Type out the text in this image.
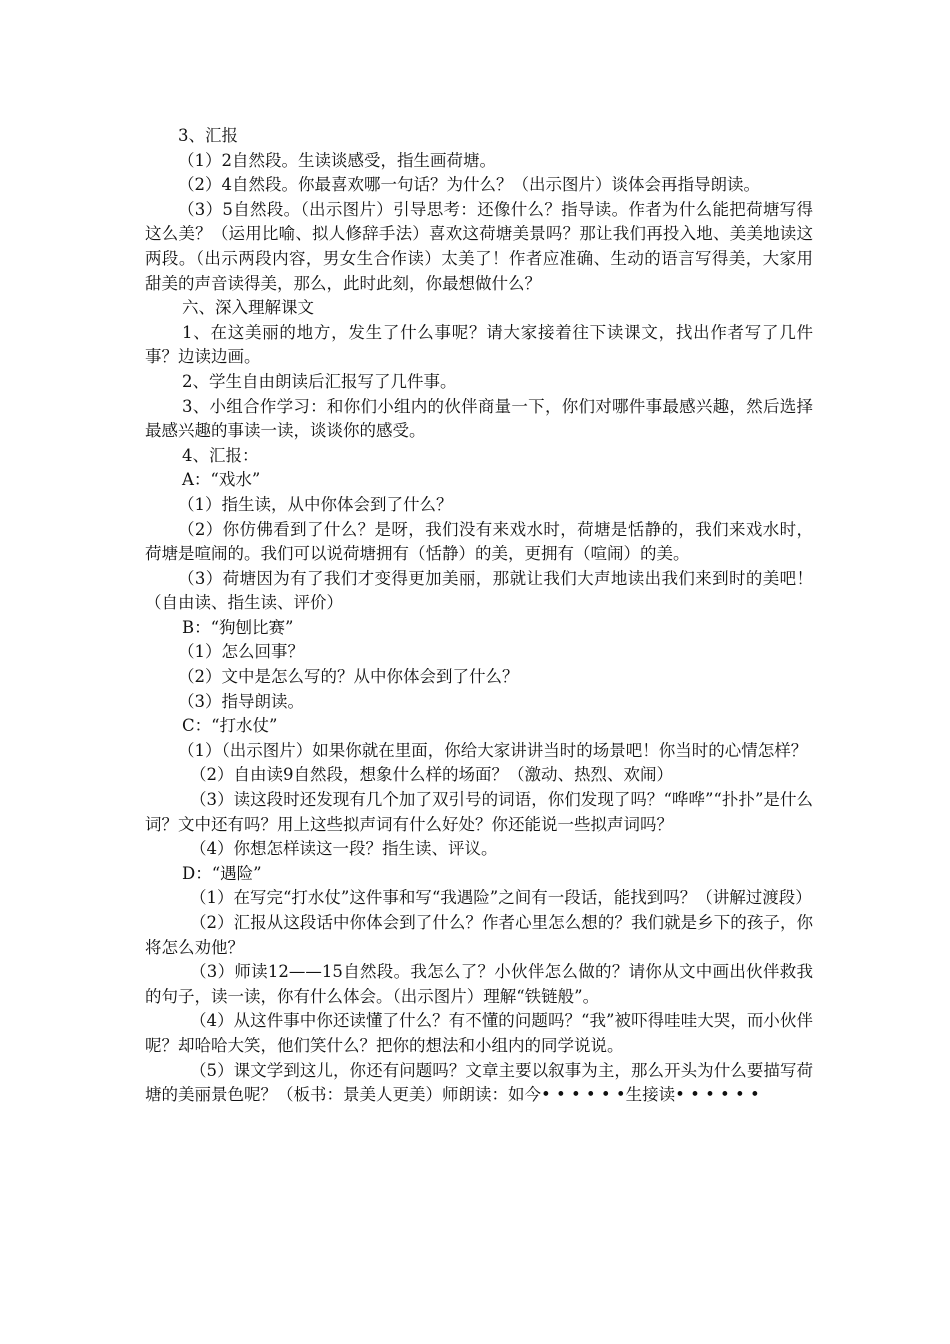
3、汇报

（1）2自然段。生读谈感受，指生画荷塘。

（2）4自然段。你最喜欢哪一句话？为什么？（出示图片）谈体会再指导朗读。

（3）5自然段。（出示图片）引导思考：还像什么？指导读。作者为什么能把荷塘写得这么美？（运用比喻、拟人修辞手法）喜欢这荷塘美景吗？那让我们再投入地、美美地读这两段。（出示两段内容，男女生合作读）太美了！作者应准确、生动的语言写得美，大家用甜美的声音读得美，那么，此时此刻，你最想做什么？

六、深入理解课文

1、在这美丽的地方，发生了什么事呢？请大家接着往下读课文，找出作者写了几件事？边读边画。

2、学生自由朗读后汇报写了几件事。

3、小组合作学习：和你们小组内的伙伴商量一下，你们对哪件事最感兴趣，然后选择最感兴趣的事读一读，谈谈你的感受。

4、汇报：

A：“戏水”

（1）指生读，从中你体会到了什么？

（2）你仿佛看到了什么？是呀，我们没有来戏水时，荷塘是恬静的，我们来戏水时，荷塘是喧闹的。我们可以说荷塘拥有（恬静）的美，更拥有（喧闹）的美。

（3）荷塘因为有了我们才变得更加美丽，那就让我们大声地读出我们来到时的美吧！（自由读、指生读、评价）

B：“狗刨比赛”

（1）怎么回事？

（2）文中是怎么写的？从中你体会到了什么？

（3）指导朗读。

C：“打水仗”

（1）（出示图片）如果你就在里面，你给大家讲讲当时的场景吧！你当时的心情怎样？

（2）自由读9自然段，想象什么样的场面？（激动、热烈、欢闹）

（3）读这段时还发现有几个加了双引号的词语，你们发现了吗？“哗哗”“扑扑”是什么词？文中还有吗？用上这些拟声词有什么好处？你还能说一些拟声词吗？

（4）你想怎样读这一段？指生读、评议。

D：“遇险”

（1）在写完“打水仗”这件事和写“我遇险”之间有一段话，能找到吗？（讲解过渡段）

（2）汇报从这段话中你体会到了什么？作者心里怎么想的？我们就是乡下的孩子，你将怎么劝他？

（3）师读12——15自然段。我怎么了？小伙伴怎么做的？请你从文中画出伙伴救我的句子，读一读，你有什么体会。（出示图片）理解“铁链般”。

（4）从这件事中你还读懂了什么？有不懂的问题吗？“我”被吓得哇哇大哭，而小伙伴呢？却哈哈大笑，他们笑什么？把你的想法和小组内的同学说说。

（5）课文学到这儿，你还有问题吗？文章主要以叙事为主，那么开头为什么要描写荷塘的美丽景色呢？（板书：景美人更美）师朗读：如今• • • • • •生接读• • • • • •
